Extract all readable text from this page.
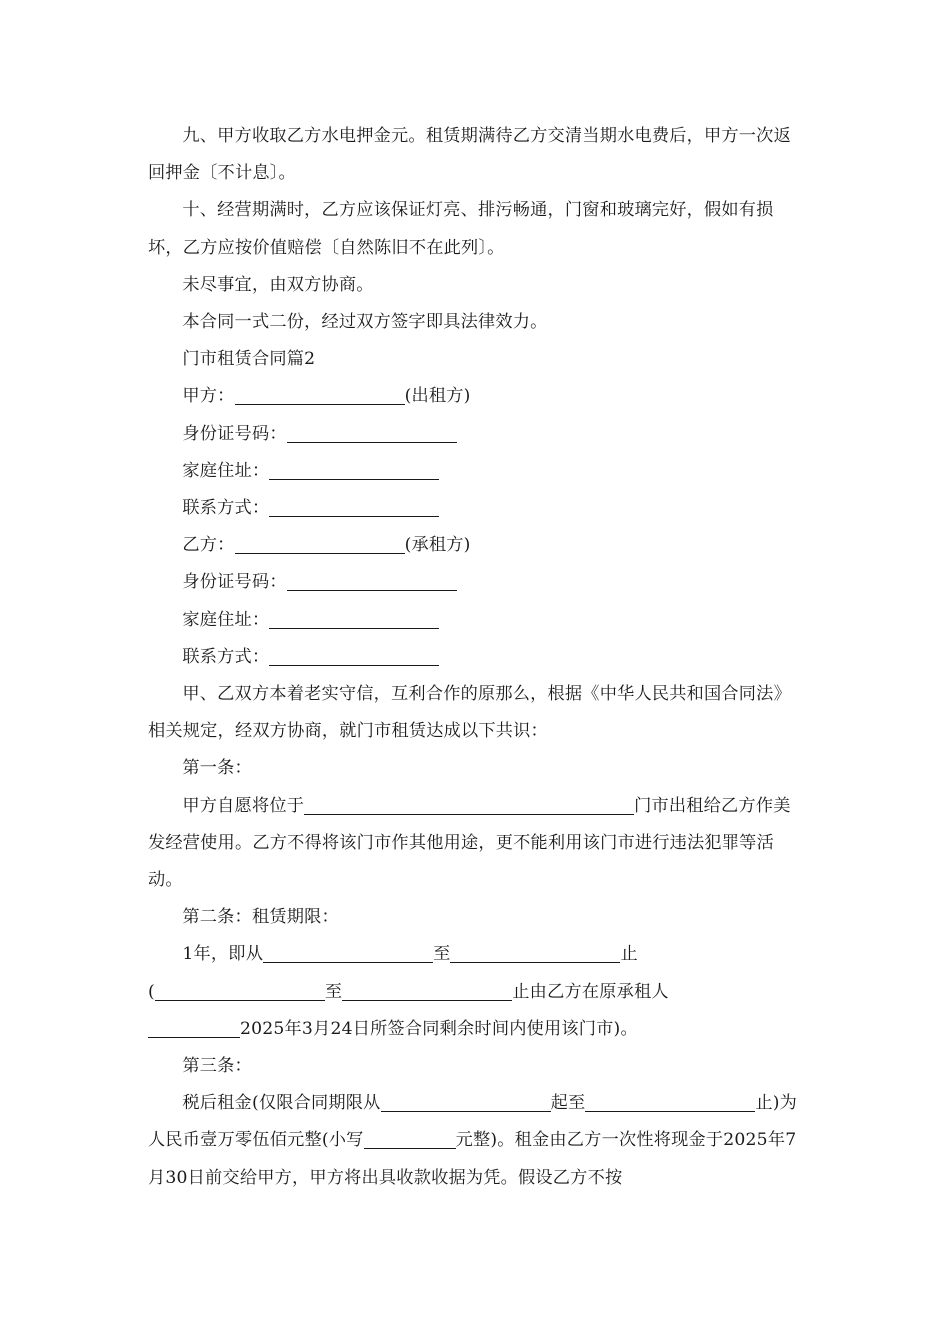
九、甲方收取乙方水电押金元。租赁期满待乙方交清当期水电费后，甲方一次返回押金〔不计息〕。

十、经营期满时，乙方应该保证灯亮、排污畅通，门窗和玻璃完好，假如有损坏，乙方应按价值赔偿〔自然陈旧不在此列〕。

未尽事宜，由双方协商。

本合同一式二份，经过双方签字即具法律效力。

门市租赁合同篇2

甲方：	(出租方)

身份证号码：

家庭住址：

联系方式：

乙方：	(承租方)

身份证号码：

家庭住址：

联系方式：

甲、乙双方本着老实守信，互利合作的原那么，根据《中华人民共和国合同法》相关规定，经双方协商，就门市租赁达成以下共识：

第一条：

甲方自愿将位于	门市出租给乙方作美发经营使用。乙方不得将该门市作其他用途，更不能利用该门市进行违法犯罪等活动。

第二条：租赁期限：

1年，即从	至	止

(	至	止由乙方在原承租人

2025年3月24日所签合同剩余时间内使用该门市)。

第三条：

税后租金(仅限合同期限从	起至	止)为人民币壹万零伍佰元整(小写	元整)。租金由乙方一次性将现金于2025年7月30日前交给甲方，甲方将出具收款收据为凭。假设乙方不按
